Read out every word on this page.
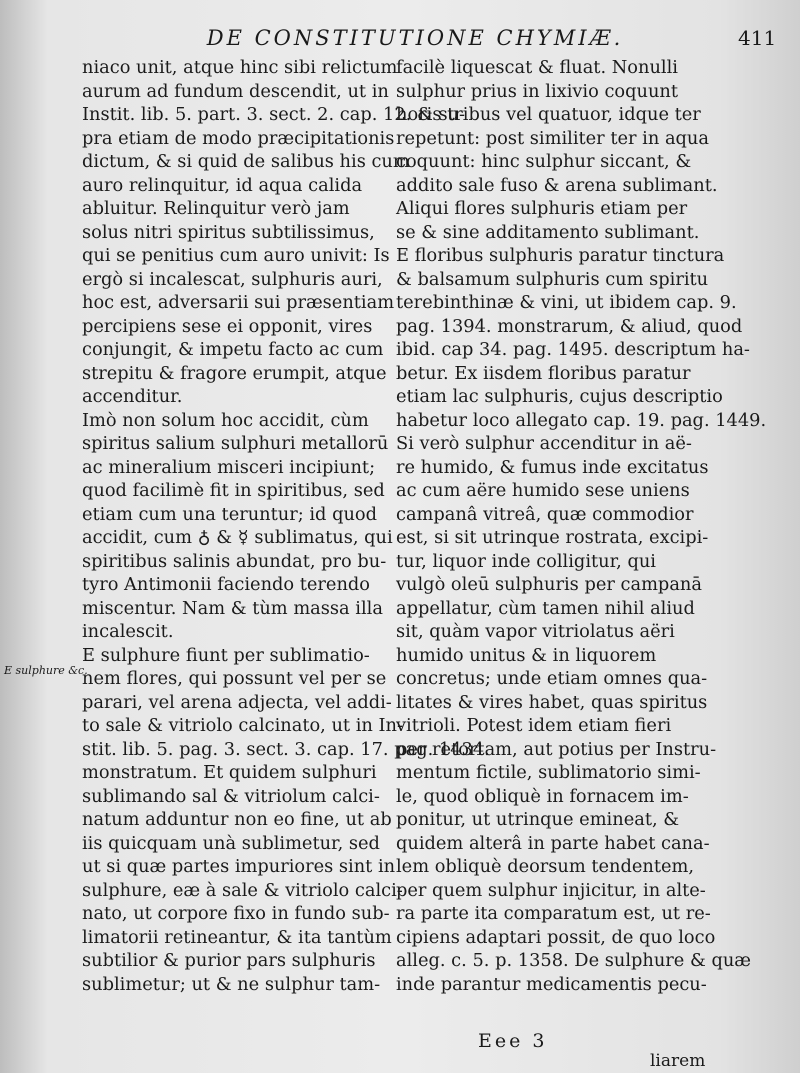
DE CONSTITUTIONE CHYMIÆ.	411
E sulphure &c.
niaco unit, atque hinc sibi relictum
aurum ad fundum descendit, ut in
Instit. lib. 5. part. 3. sect. 2. cap. 12. & su-
pra etiam de modo præcipitationis
dictum, & si quid de salibus his cum
auro relinquitur, id aqua calida
abluitur. Relinquitur verò jam
solus nitri spiritus subtilissimus,
qui se penitius cum auro univit: Is
ergò si incalescat, sulphuris auri,
hoc est, adversarii sui præsentiam
percipiens sese ei opponit, vires
conjungit, & impetu facto ac cum
strepitu & fragore erumpit, atque
accenditur.
Imò non solum hoc accidit, cùm
spiritus salium sulphuri metallorū
ac mineralium misceri incipiunt;
quod facilimè fit in spiritibus, sed
etiam cum una teruntur; id quod
accidit, cum ♁ & ☿ sublimatus, qui
spiritibus salinis abundat, pro bu-
tyro Antimonii faciendo terendo
miscentur. Nam & tùm massa illa
incalescit.
E sulphure fiunt per sublimatio-
nem flores, qui possunt vel per se
parari, vel arena adjecta, vel addi-
to sale & vitriolo calcinato, ut in In-
stit. lib. 5. pag. 3. sect. 3. cap. 17. pag. 1434.
monstratum. Et quidem sulphuri
sublimando sal & vitriolum calci-
natum adduntur non eo fine, ut ab
iis quicquam unà sublimetur, sed
ut si quæ partes impuriores sint in
sulphure, eæ à sale & vitriolo calci-
nato, ut corpore fixo in fundo sub-
limatorii retineantur, & ita tantùm
subtilior & purior pars sulphuris
sublimetur; ut & ne sulphur tam-
facilè liquescat & fluat. Nonulli
sulphur prius in lixivio coquunt
horis tribus vel quatuor, idque ter
repetunt: post similiter ter in aqua
coquunt: hinc sulphur siccant, &
addito sale fuso & arena sublimant.
Aliqui flores sulphuris etiam per
se & sine additamento sublimant.
E floribus sulphuris paratur tinctura
& balsamum sulphuris cum spiritu
terebinthinæ & vini, ut ibidem cap. 9.
pag. 1394. monstrarum, & aliud, quod
ibid. cap 34. pag. 1495. descriptum ha-
betur. Ex iisdem floribus paratur
etiam lac sulphuris, cujus descriptio
habetur loco allegato cap. 19. pag. 1449.
Si verò sulphur accenditur in aë-
re humido, & fumus inde excitatus
ac cum aëre humido sese uniens
campanâ vitreâ, quæ commodior
est, si sit utrinque rostrata, excipi-
tur, liquor inde colligitur, qui
vulgò oleū sulphuris per campanā
appellatur, cùm tamen nihil aliud
sit, quàm vapor vitriolatus aëri
humido unitus & in liquorem
concretus; unde etiam omnes qua-
litates & vires habet, quas spiritus
vitrioli. Potest idem etiam fieri
per retortam, aut potius per Instru-
mentum fictile, sublimatorio simi-
le, quod obliquè in fornacem im-
ponitur, ut utrinque emineat, &
quidem alterâ in parte habet cana-
lem obliquè deorsum tendentem,
per quem sulphur injicitur, in alte-
ra parte ita comparatum est, ut re-
cipiens adaptari possit, de quo loco
alleg. c. 5. p. 1358. De sulphure & quæ
inde parantur medicamentis pecu-
Eee 3
liarem
